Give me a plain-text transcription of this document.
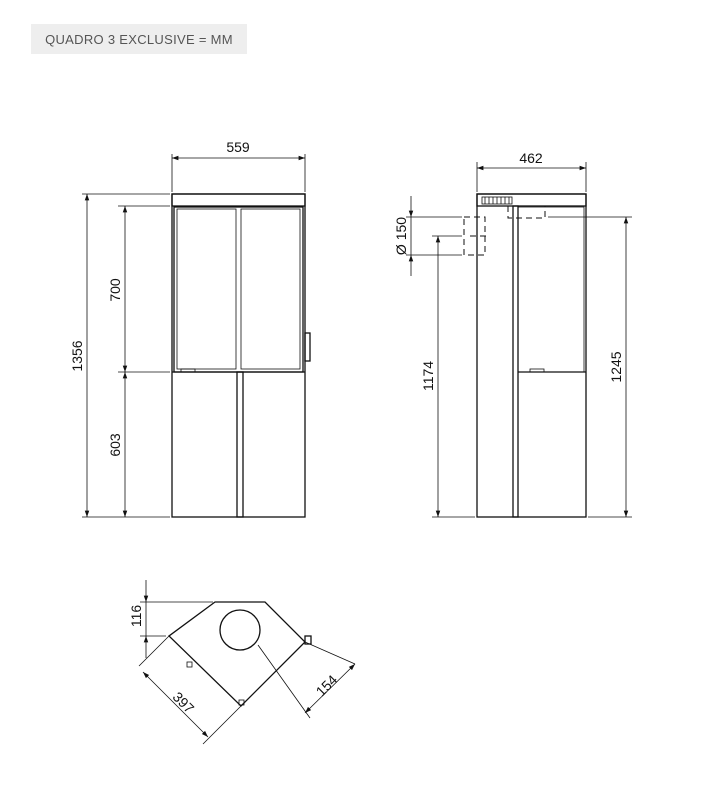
QUADRO 3 EXCLUSIVE = MM
559
1356
700
603
462
Ø 150
1174	1245
116
397
154
